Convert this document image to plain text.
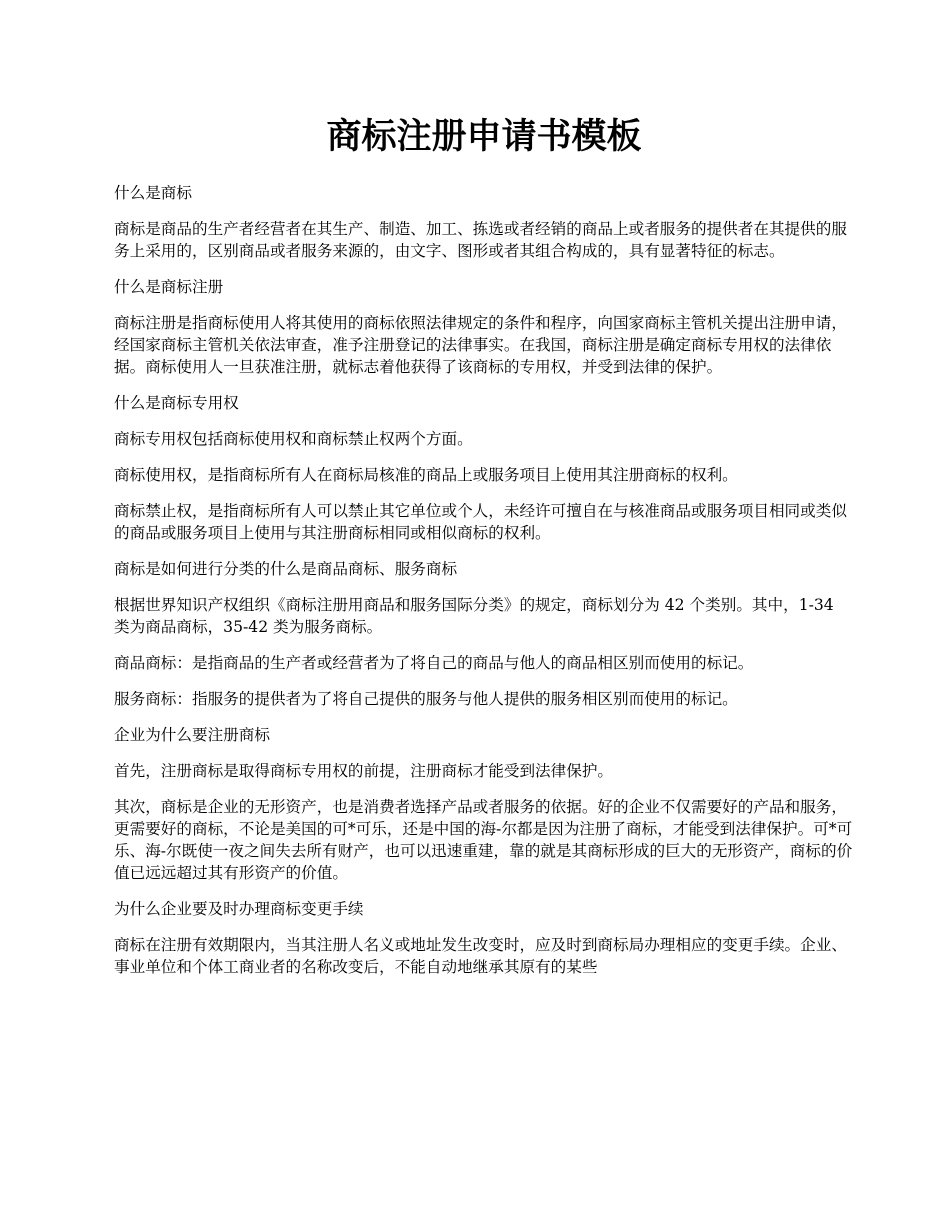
商标注册申请书模板
什么是商标
商标是商品的生产者经营者在其生产、制造、加工、拣选或者经销的商品上或者服务的提供者在其提供的服务上采用的，区别商品或者服务来源的，由文字、图形或者其组合构成的，具有显著特征的标志。
什么是商标注册
商标注册是指商标使用人将其使用的商标依照法律规定的条件和程序，向国家商标主管机关提出注册申请，经国家商标主管机关依法审查，准予注册登记的法律事实。在我国，商标注册是确定商标专用权的法律依据。商标使用人一旦获准注册，就标志着他获得了该商标的专用权，并受到法律的保护。
什么是商标专用权
商标专用权包括商标使用权和商标禁止权两个方面。
商标使用权，是指商标所有人在商标局核准的商品上或服务项目上使用其注册商标的权利。
商标禁止权，是指商标所有人可以禁止其它单位或个人，未经许可擅自在与核准商品或服务项目相同或类似的商品或服务项目上使用与其注册商标相同或相似商标的权利。
商标是如何进行分类的什么是商品商标、服务商标
根据世界知识产权组织《商标注册用商品和服务国际分类》的规定，商标划分为 42 个类别。其中，1-34 类为商品商标，35-42 类为服务商标。
商品商标：是指商品的生产者或经营者为了将自己的商品与他人的商品相区别而使用的标记。
服务商标：指服务的提供者为了将自己提供的服务与他人提供的服务相区别而使用的标记。
企业为什么要注册商标
首先，注册商标是取得商标专用权的前提，注册商标才能受到法律保护。
其次，商标是企业的无形资产，也是消费者选择产品或者服务的依据。好的企业不仅需要好的产品和服务，更需要好的商标，不论是美国的可*可乐，还是中国的海-尔都是因为注册了商标，才能受到法律保护。可*可乐、海-尔既使一夜之间失去所有财产，也可以迅速重建，靠的就是其商标形成的巨大的无形资产，商标的价值已远远超过其有形资产的价值。
为什么企业要及时办理商标变更手续
商标在注册有效期限内，当其注册人名义或地址发生改变时，应及时到商标局办理相应的变更手续。企业、事业单位和个体工商业者的名称改变后，不能自动地继承其原有的某些
